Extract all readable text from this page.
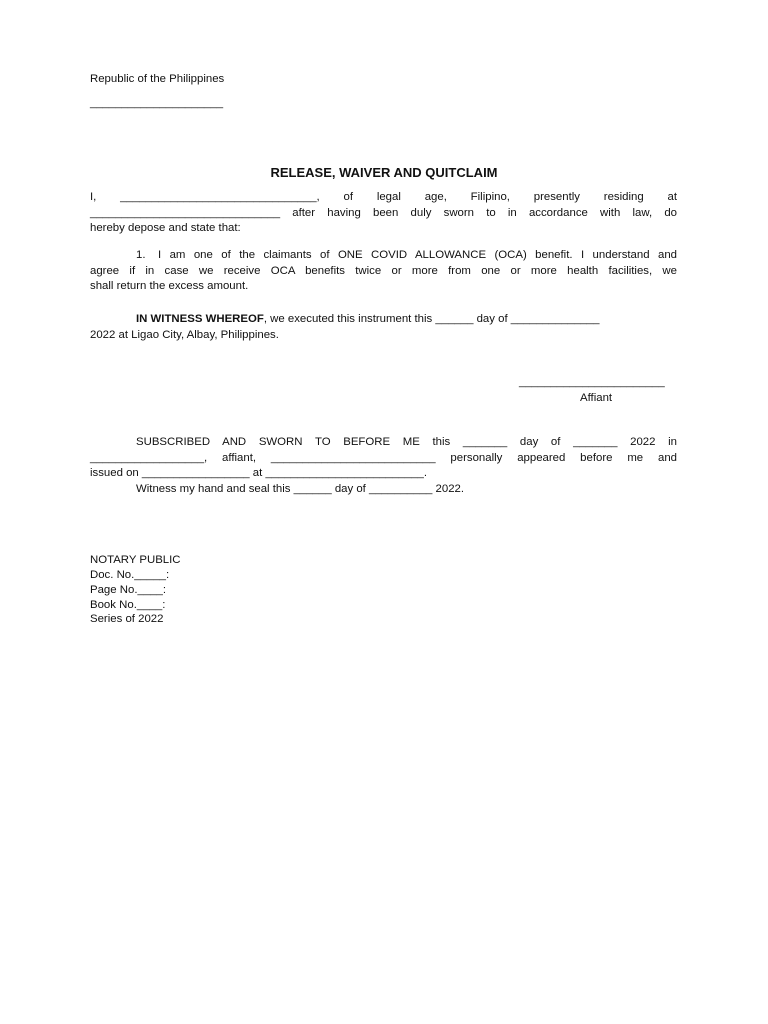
Republic of the Philippines
_____________________
RELEASE, WAIVER AND QUITCLAIM
I, _______________________________, of legal age, Filipino, presently residing at
______________________________ after having been duly sworn to in accordance with law, do
hereby depose and state that:
1. I am one of the claimants of ONE COVID ALLOWANCE (OCA) benefit. I understand and
agree if in case we receive OCA benefits twice or more from one or more health facilities, we
shall return the excess amount.
IN WITNESS WHEREOF, we executed this instrument this ______ day of ______________
2022 at Ligao City, Albay, Philippines.
_______________________
Affiant
SUBSCRIBED AND SWORN TO BEFORE ME this _______ day of _______ 2022 in
__________________, affiant, __________________________ personally appeared before me and
issued on _________________ at _________________________.
Witness my hand and seal this ______ day of __________ 2022.
NOTARY PUBLIC
Doc. No._____:
Page No.____:
Book No.____:
Series of 2022
